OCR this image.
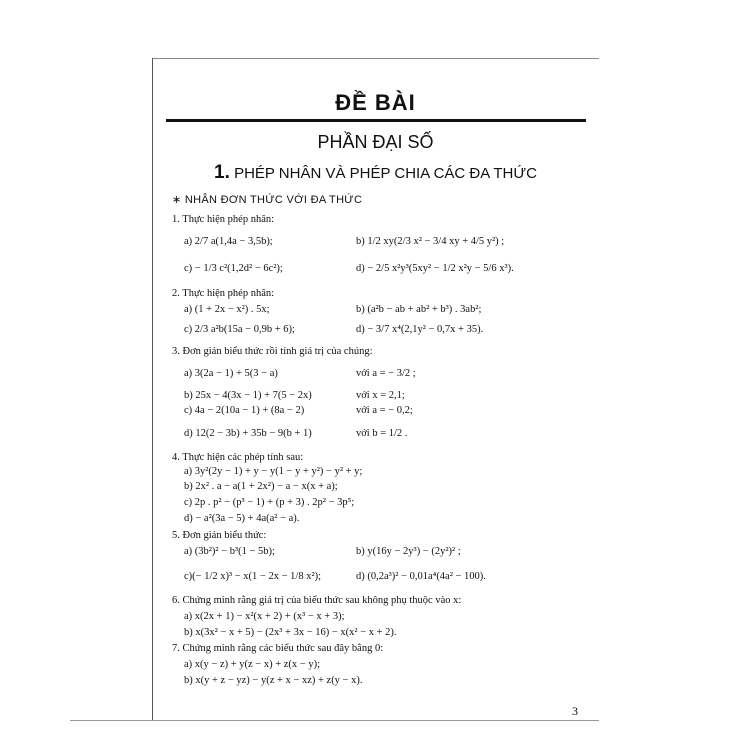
ĐỀ BÀI
PHẦN ĐẠI SỐ
1. PHÉP NHÂN VÀ PHÉP CHIA CÁC ĐA THỨC
∗ NHÂN ĐƠN THỨC VỚI ĐA THỨC
1. Thực hiện phép nhân:
a) 2/7 a(1,4a − 3,5b);	b) 1/2 xy(2/3 x² − 3/4 xy + 4/5 y²) ;
c) − 1/3 c²(1,2d² − 6c²);	d) − 2/5 x²y³(5xy² − 1/2 x²y − 5/6 x³).
2. Thực hiện phép nhân:
a) (1 + 2x − x²) . 5x;	b) (a²b − ab + ab² + b³) . 3ab²;
c) 2/3 a²b(15a − 0,9b + 6);	d) − 3/7 x⁴(2,1y² − 0,7x + 35).
3. Đơn giản biểu thức rồi tính giá trị của chúng:
a) 3(2a − 1) + 5(3 − a)	với a = − 3/2 ;
b) 25x − 4(3x − 1) + 7(5 − 2x)	với x = 2,1;
c) 4a − 2(10a − 1) + (8a − 2)	với a = − 0,2;
d) 12(2 − 3b) + 35b − 9(b + 1)	với b = 1/2 .
4. Thực hiện các phép tính sau:
a) 3y²(2y − 1) + y − y(1 − y + y²) − y² + y;
b) 2x² . a − a(1 + 2x²) − a − x(x + a);
c) 2p . p² − (p³ − 1) + (p + 3) . 2p² − 3p⁵;
d) − a²(3a − 5) + 4a(a² − a).
5. Đơn giản biểu thức:
a) (3b²)² − b³(1 − 5b);	b) y(16y − 2y³) − (2y²)² ;
c)(− 1/2 x)³ − x(1 − 2x − 1/8 x²);	d) (0,2a³)² − 0,01a⁴(4a² − 100).
6. Chứng minh rằng giá trị của biểu thức sau không phụ thuộc vào x:
a) x(2x + 1) − x²(x + 2) + (x³ − x + 3);
b) x(3x² − x + 5) − (2x³ + 3x − 16) − x(x² − x + 2).
7. Chứng minh rằng các biểu thức sau đây bằng 0:
a) x(y − z) + y(z − x) + z(x − y);
b) x(y + z − yz) − y(z + x − xz) + z(y − x).
3
